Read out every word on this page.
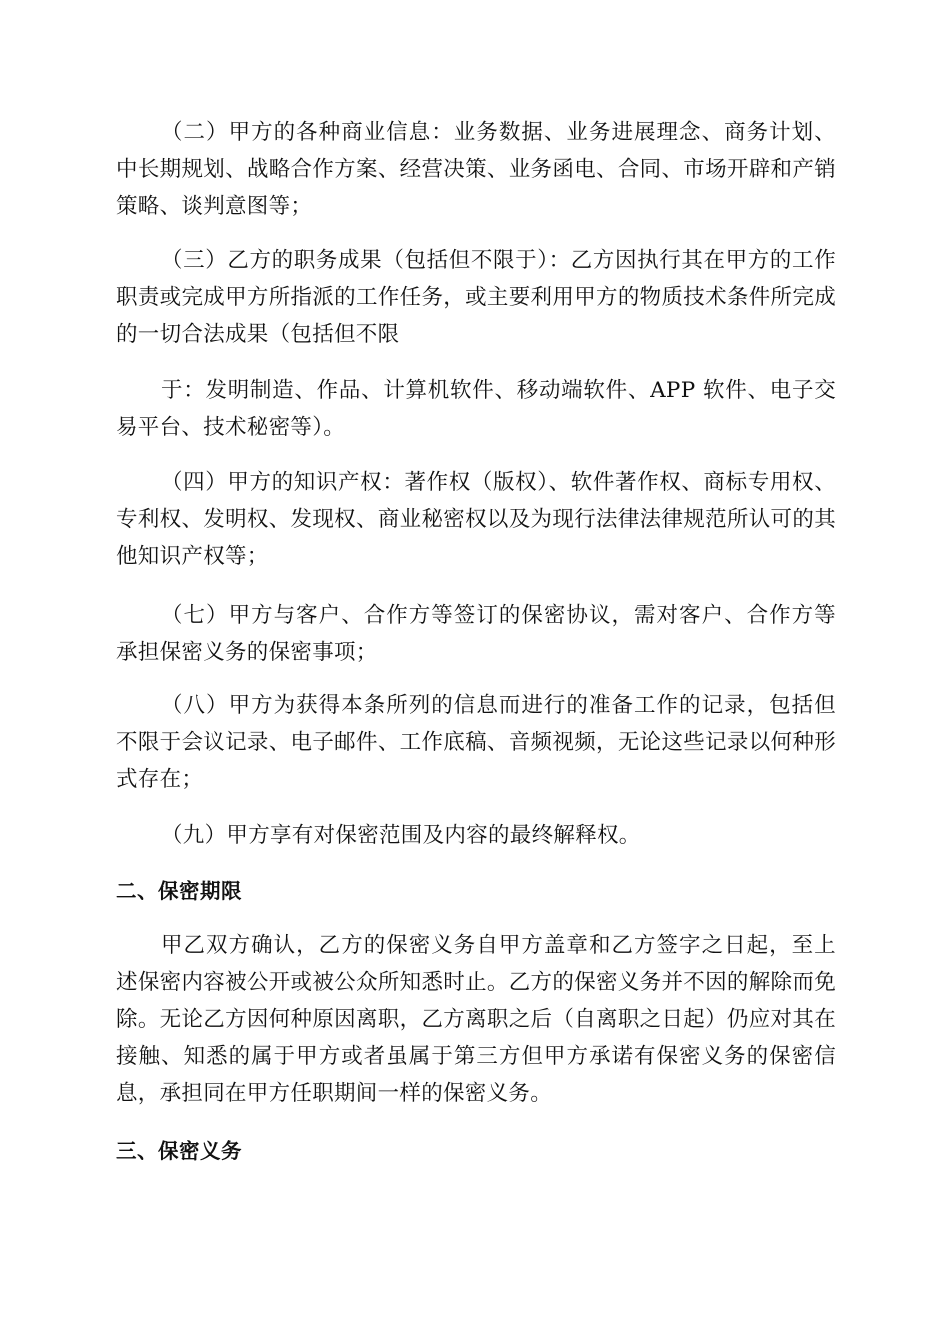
（二）甲方的各种商业信息：业务数据、业务进展理念、商务计划、中长期规划、战略合作方案、经营决策、业务函电、合同、市场开辟和产销策略、谈判意图等；

（三）乙方的职务成果（包括但不限于）：乙方因执行其在甲方的工作职责或完成甲方所指派的工作任务，或主要利用甲方的物质技术条件所完成的一切合法成果（包括但不限

于：发明制造、作品、计算机软件、移动端软件、APP 软件、电子交易平台、技术秘密等）。

（四）甲方的知识产权：著作权（版权）、软件著作权、商标专用权、专利权、发明权、发现权、商业秘密权以及为现行法律法律规范所认可的其他知识产权等；

（七）甲方与客户、合作方等签订的保密协议，需对客户、合作方等承担保密义务的保密事项；

（八）甲方为获得本条所列的信息而进行的准备工作的记录，包括但不限于会议记录、电子邮件、工作底稿、音频视频，无论这些记录以何种形式存在；

（九）甲方享有对保密范围及内容的最终解释权。

二、保密期限

甲乙双方确认，乙方的保密义务自甲方盖章和乙方签字之日起，至上述保密内容被公开或被公众所知悉时止。乙方的保密义务并不因的解除而免除。无论乙方因何种原因离职，乙方离职之后（自离职之日起）仍应对其在接触、知悉的属于甲方或者虽属于第三方但甲方承诺有保密义务的保密信息，承担同在甲方任职期间一样的保密义务。

三、保密义务
